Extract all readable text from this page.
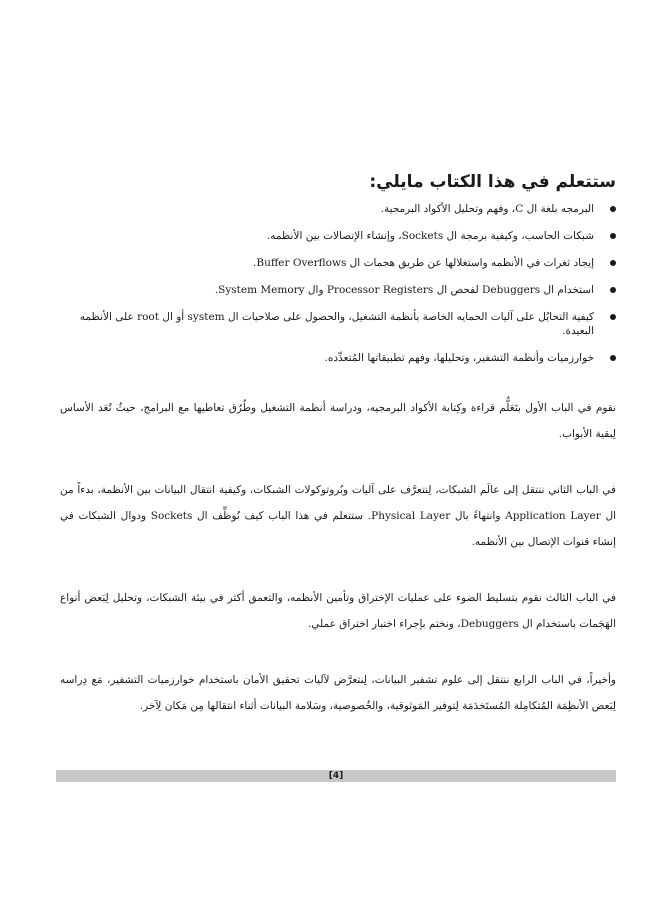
ستتعلم في هذا الكتاب مايلي:
البرمجه بلغة ال C، وفهم وتحليل الأكواد البرمجية.
شبكات الحاسب، وكيفية برمجة ال Sockets، وإنشاء الإتصالات بين الأنظمه.
إيجاد ثغرات في الأنظمه واستغلالها عن طريق هجمات ال Buffer Overflows.
استخدام ال Debuggers لفحص ال Processor Registers وال System Memory.
كيفية التحايُل على آليات الحمايه الخاصة بأنظمة التشغيل، والحصول على صلاحيات ال system أو ال root على الأنظمه البعيدة.
خوارزميات وأنظمة التشفير، وتحليلها، وفهم تطبيقاتها المُتعدِّده.

نقوم في الباب الأول بتَعَلُّم قراءة وكِتابة الأكواد البرمجيه، ودراسة أنظمة التشغيل وطُرُق تعاطيها مع البرامج، حيثُ تُعَد الأساس لِبقية الأبواب.

في الباب الثاني ننتقل إلى عالَم الشبكات، لِنتعرَّف على آليات وبُروتوكولات الشبكات، وكيفية انتقال البيانات بين الأنظمة، بدءاً من ال Application Layer وانتهاءً بال Physical Layer. ستتعلم في هذا الباب كيف نُوظِّف ال Sockets ودوال الشبكات في إنشاء قنوات الإتصال بين الأنظمه.

في الباب الثالث نقوم بتسليط الضوء على عمليات الإختراق وتأمين الأنظمه، والتعمق أكثر في بيئة الشبكات، وتحليل لِبَعض أنواع الهَجَمات باستخدام ال Debuggers، ونختم بإجراء اختبار اختراق عملي.

وأخيراً، في الباب الرابع ننتقل إلى علوم تشفير البيانات، لِنتعرَّض لآليات تحقيق الأمان باستخدام خوارزميات التشفير، مَع دِراسه لِبَعض الأنظِمَة المُتكامِلة المُستَخدَمَة لِتوفير المَوثوقية، والخُصوصية، وسَلامة البيانات أثناء انتقالها مِن مَكان لِآخر.

[4]
